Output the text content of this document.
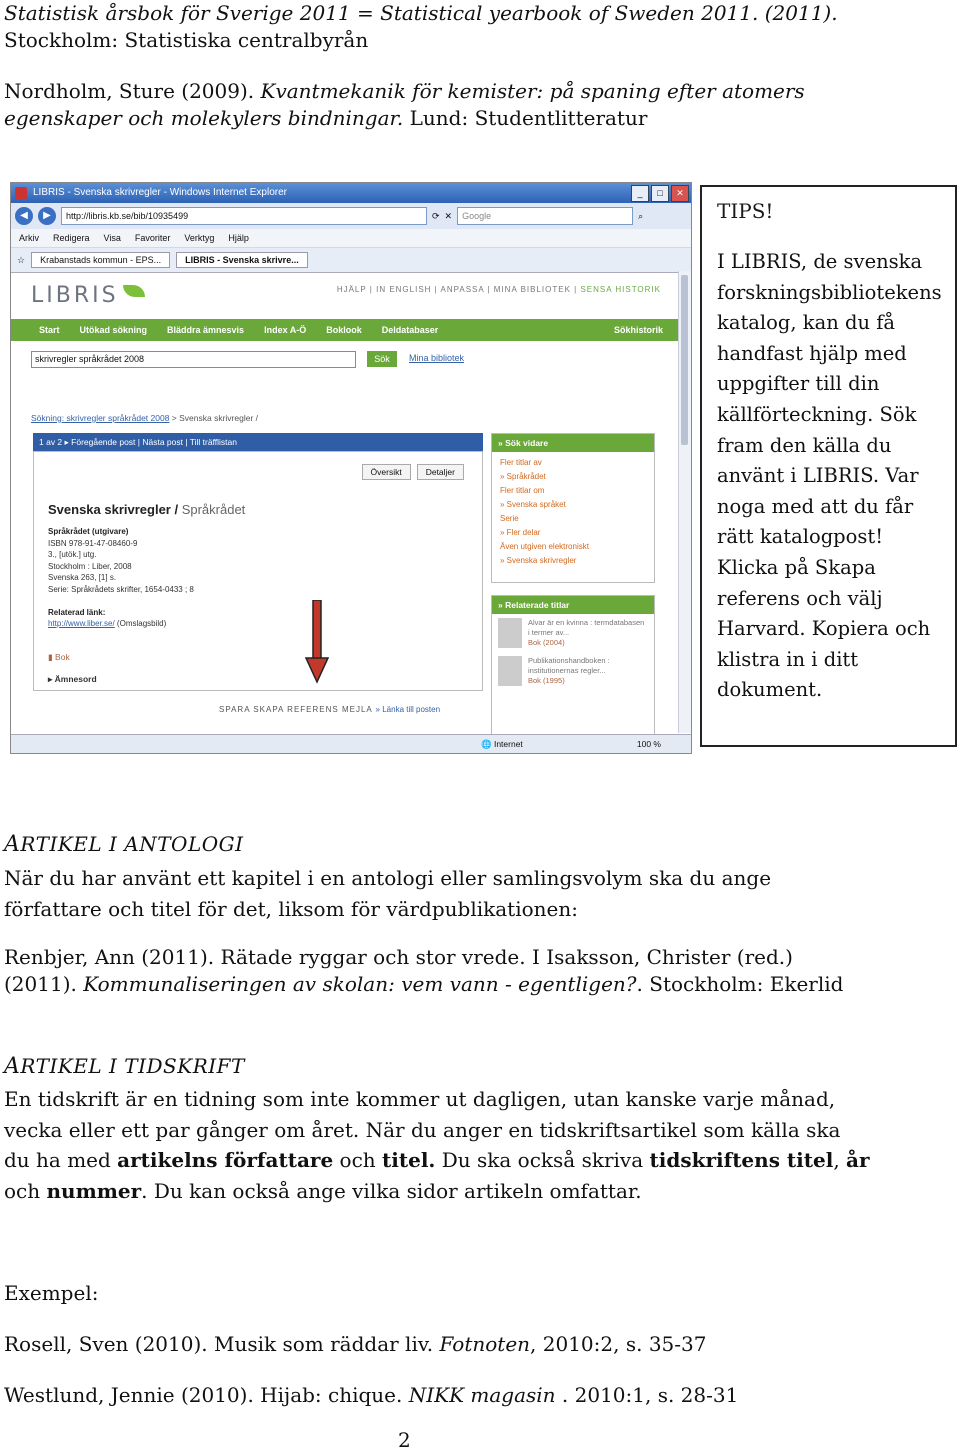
Statistisk årsbok för Sverige 2011 = Statistical yearbook of Sweden 2011. (2011).
Stockholm: Statistiska centralbyrån

Nordholm, Sture (2009). Kvantmekanik för kemister: på spaning efter atomers
egenskaper och molekylers bindningar. Lund: Studentlitteratur

LIBRIS - Svenska skrivregler - Windows Internet Explorer	_	□	✕
◀	▶	http://libris.kb.se/bib/10935499	⟳ ✕	Google	⌕
Arkiv Redigera Visa Favoriter Verktyg Hjälp
☆	Krabanstads kommun - EPS...	LIBRIS - Svenska skrivre...
LIBRIS	HJÄLP | IN ENGLISH | ANPASSA | MINA BIBLIOTEK | SENSA HISTORIK
Start Utökad sökning Bläddra ämnesvis Index A-Ö Boklook Deldatabaser	Sökhistorik
skrivregler språkrådet 2008	Sök	Mina bibliotek
Sökning: skrivregler språkrådet 2008 > Svenska skrivregler /
1 av 2 ▸ Föregående post | Nästa post | Till träfflistan
Översikt	Detaljer
Svenska skrivregler / Språkrådet
Språkrådet (utgivare)
ISBN 978-91-47-08460-9
3., [utök.] utg.
Stockholm : Liber, 2008
Svenska 263, [1] s.
Serie: Språkrådets skrifter, 1654-0433 ; 8

Relaterad länk:
http://www.liber.se/ (Omslagsbild)
▮ Bok
▸ Ämnesord
SPARA SKAPA REFERENS MEJLA » Länka till posten
» Sök vidare
Fler titlar av
» Språkrådet
Fler titlar om
» Svenska språket
Serie
» Fler delar
Även utgiven elektroniskt
» Svenska skrivregler
» Relaterade titlar
Alvar är en kvinna : termdatabasen i termer av...
Bok (2004)
Publikationshandboken : institutionernas regler...
Bok (1995)
🌐 Internet	100 %

TIPS!

I LIBRIS, de svenska forskningsbibliotekens katalog, kan du få handfast hjälp med uppgifter till din källförteckning. Sök fram den källa du använt i LIBRIS. Var noga med att du får rätt katalogpost! Klicka på Skapa referens och välj Harvard. Kopiera och klistra in i ditt dokument.

ARTIKEL I ANTOLOGI

När du har använt ett kapitel i en antologi eller samlingsvolym ska du ange
författare och titel för det, liksom för värdpublikationen:

Renbjer, Ann (2011). Rätade ryggar och stor vrede. I Isaksson, Christer (red.)
(2011). Kommunaliseringen av skolan: vem vann - egentligen?. Stockholm: Ekerlid

ARTIKEL I TIDSKRIFT

En tidskrift är en tidning som inte kommer ut dagligen, utan kanske varje månad,
vecka eller ett par gånger om året. När du anger en tidskriftsartikel som källa ska
du ha med artikelns författare och titel. Du ska också skriva tidskriftens titel, år
och nummer. Du kan också ange vilka sidor artikeln omfattar.

Exempel:

Rosell, Sven (2010). Musik som räddar liv. Fotnoten, 2010:2, s. 35-37

Westlund, Jennie (2010). Hijab: chique. NIKK magasin . 2010:1, s. 28-31

2
